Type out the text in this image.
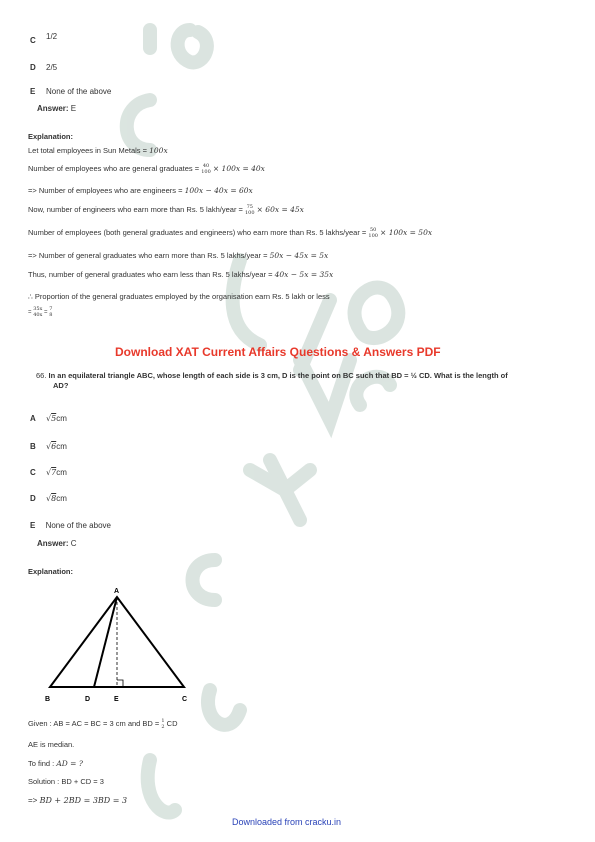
C 1/2
D 2/5
E None of the above
Answer: E
Explanation:
Let total employees in Sun Metals = 100x
Number of employees who are general graduates = 40
100 × 100x = 40x
=> Number of employees who are engineers = 100x − 40x = 60x
Now, number of engineers who earn more than Rs. 5 lakh/year = 75
100 × 60x = 45x
Number of employees (both general graduates and engineers) who earn more than Rs. 5 lakhs/year = 50
100 × 100x = 50x
=> Number of general graduates who earn more than Rs. 5 lakhs/year = 50x − 45x = 5x
Thus, number of general graduates who earn less than Rs. 5 lakhs/year = 40x − 5x = 35x
∴ Proportion of the general graduates employed by the organisation earn Rs. 5 lakh or less
=
35x
40x =
7
8
Download XAT Current Affairs Questions & Answers PDF
66. In an equilateral triangle ABC, whose length of each side is 3 cm, D is the point on BC such that BD = ½ CD. What is the length of
AD?
A √5cm
B √6cm
C √7cm
D √8cm
E None of the above
Answer: C
Explanation:
A
B	D	E	C
Given : AB = AC = BC = 3 cm and BD = 1
2 CD
AE is median.
To find : AD = ?
Solution : BD + CD = 3
=> BD + 2BD = 3BD = 3
Downloaded from cracku.in
